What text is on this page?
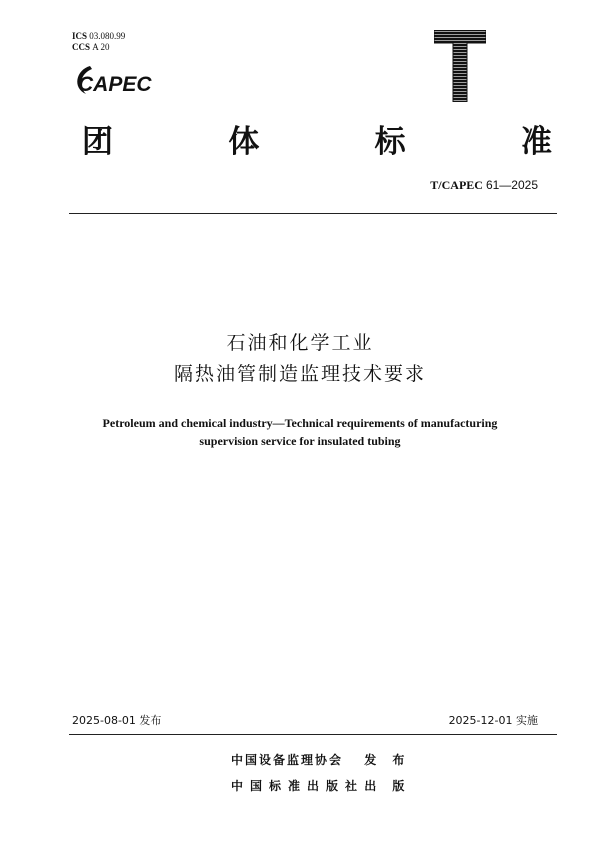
ICS 03.080.99
CCS A 20
CAPEC
团	体	标	准
T/CAPEC 61—2025
石油和化学工业
隔热油管制造监理技术要求
Petroleum and chemical industry—Technical requirements of manufacturing
supervision service for insulated tubing
2025-08-01 发布	2025-12-01 实施
中国设备监理协会 发 布
中国标准出版社 出 版
